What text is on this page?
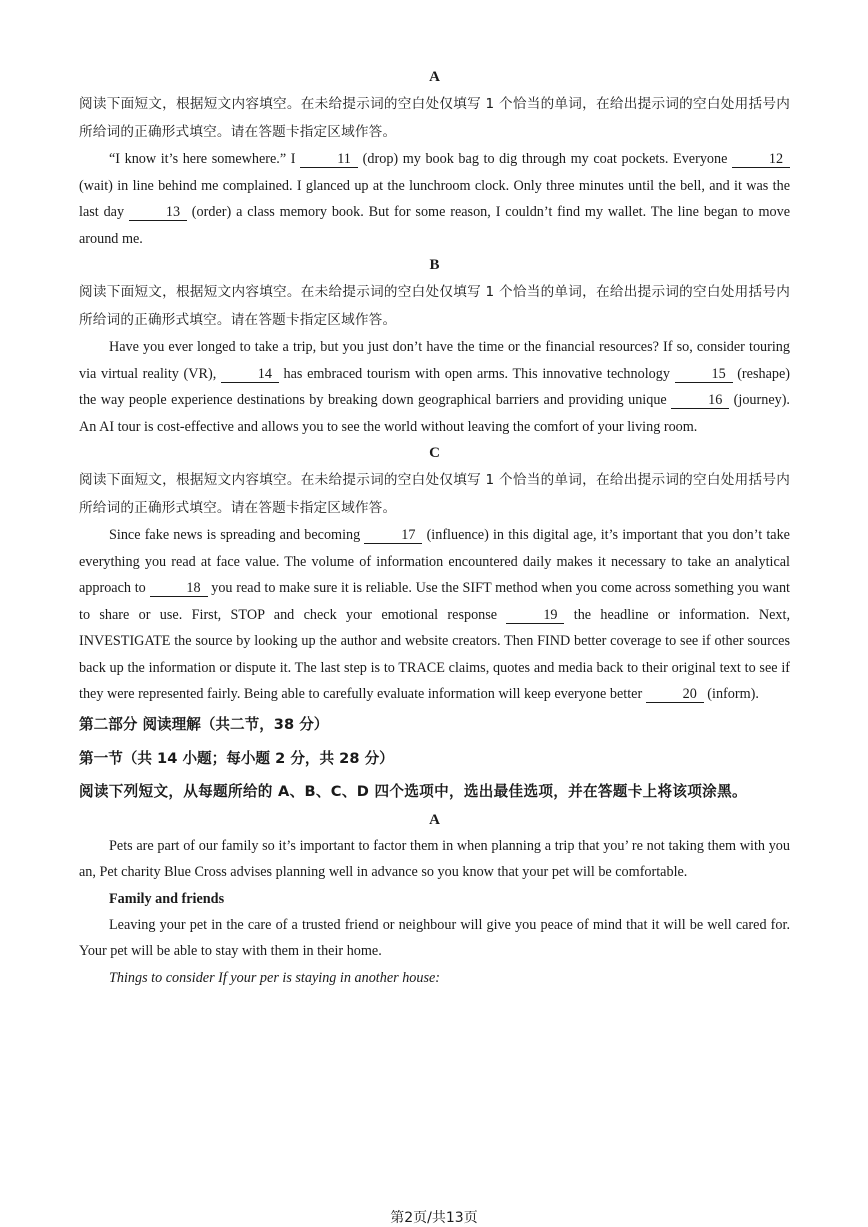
A

阅读下面短文，根据短文内容填空。在未给提示词的空白处仅填写 1 个恰当的单词，在给出提示词的空白处用括号内所给词的正确形式填空。请在答题卡指定区域作答。

“I know it’s here somewhere.” I	11 (drop) my book bag to dig through my coat pockets. Everyone	12 (wait) in line behind me complained. I glanced up at the lunchroom clock. Only three minutes until the bell, and it was the last day	13 (order) a class memory book. But for some reason, I couldn’t find my wallet. The line began to move around me.

B

阅读下面短文，根据短文内容填空。在未给提示词的空白处仅填写 1 个恰当的单词，在给出提示词的空白处用括号内所给词的正确形式填空。请在答题卡指定区域作答。

Have you ever longed to take a trip, but you just don’t have the time or the financial resources? If so, consider touring via virtual reality (VR),	14 has embraced tourism with open arms. This innovative technology	15 (reshape) the way people experience destinations by breaking down geographical barriers and providing unique	16 (journey). An AI tour is cost-effective and allows you to see the world without leaving the comfort of your living room.

C

阅读下面短文，根据短文内容填空。在未给提示词的空白处仅填写 1 个恰当的单词，在给出提示词的空白处用括号内所给词的正确形式填空。请在答题卡指定区域作答。

Since fake news is spreading and becoming	17 (influence) in this digital age, it’s important that you don’t take everything you read at face value. The volume of information encountered daily makes it necessary to take an analytical approach to	18 you read to make sure it is reliable. Use the SIFT method when you come across something you want to share or use. First, STOP and check your emotional response	19 the headline or information. Next, INVESTIGATE the source by looking up the author and website creators. Then FIND better coverage to see if other sources back up the information or dispute it. The last step is to TRACE claims, quotes and media back to their original text to see if they were represented fairly. Being able to carefully evaluate information will keep everyone better	20 (inform).

第二部分 阅读理解（共二节，38 分）

第一节（共 14 小题；每小题 2 分，共 28 分）

阅读下列短文，从每题所给的 A、B、C、D 四个选项中，选出最佳选项，并在答题卡上将该项涂黑。

A

Pets are part of our family so it’s important to factor them in when planning a trip that you’ re not taking them with you an, Pet charity Blue Cross advises planning well in advance so you know that your pet will be comfortable.

Family and friends

Leaving your pet in the care of a trusted friend or neighbour will give you peace of mind that it will be well cared for. Your pet will be able to stay with them in their home.

Things to consider If your per is staying in another house:

第2页/共13页
